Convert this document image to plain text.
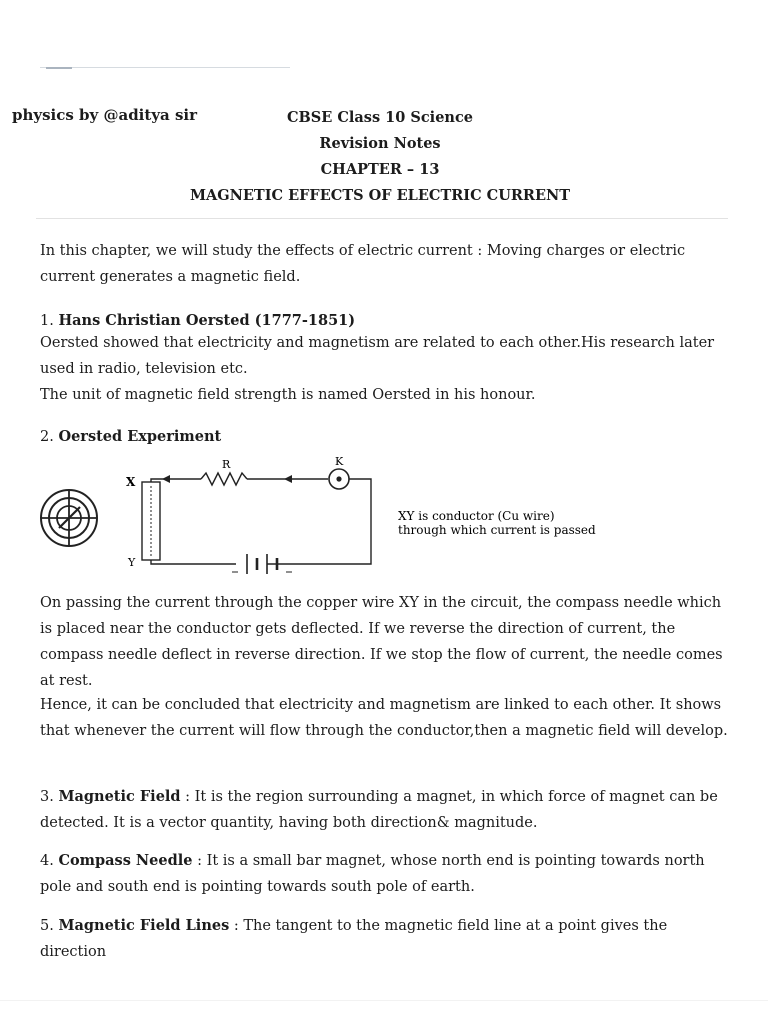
physics by @aditya sir	CBSE Class 10 Science
Revision Notes
CHAPTER – 13
MAGNETIC EFFECTS OF ELECTRIC CURRENT

In this chapter, we will study the effects of electric current : Moving charges or electric current generates a magnetic field.

1. Hans Christian Oersted (1777-1851)

Oersted showed that electricity and magnetism are related to each other.His research later used in radio, television etc.

The unit of magnetic field strength is named Oersted in his honour.

2. Oersted Experiment
X
Y
R	K
XY is conductor (Cu wire)
through which current is passed

On passing the current through the copper wire XY in the circuit, the compass needle which is placed near the conductor gets deflected. If we reverse the direction of current, the compass needle deflect in reverse direction. If we stop the flow of current, the needle comes at rest.

Hence, it can be concluded that electricity and magnetism are linked to each other. It shows that whenever the current will flow through the conductor,then a magnetic field will develop.

3. Magnetic Field : It is the region surrounding a magnet, in which force of magnet can be detected. It is a vector quantity, having both direction& magnitude.

4. Compass Needle : It is a small bar magnet, whose north end is pointing towards north pole and south end is pointing towards south pole of earth.

5. Magnetic Field Lines : The tangent to the magnetic field line at a point gives the direction
